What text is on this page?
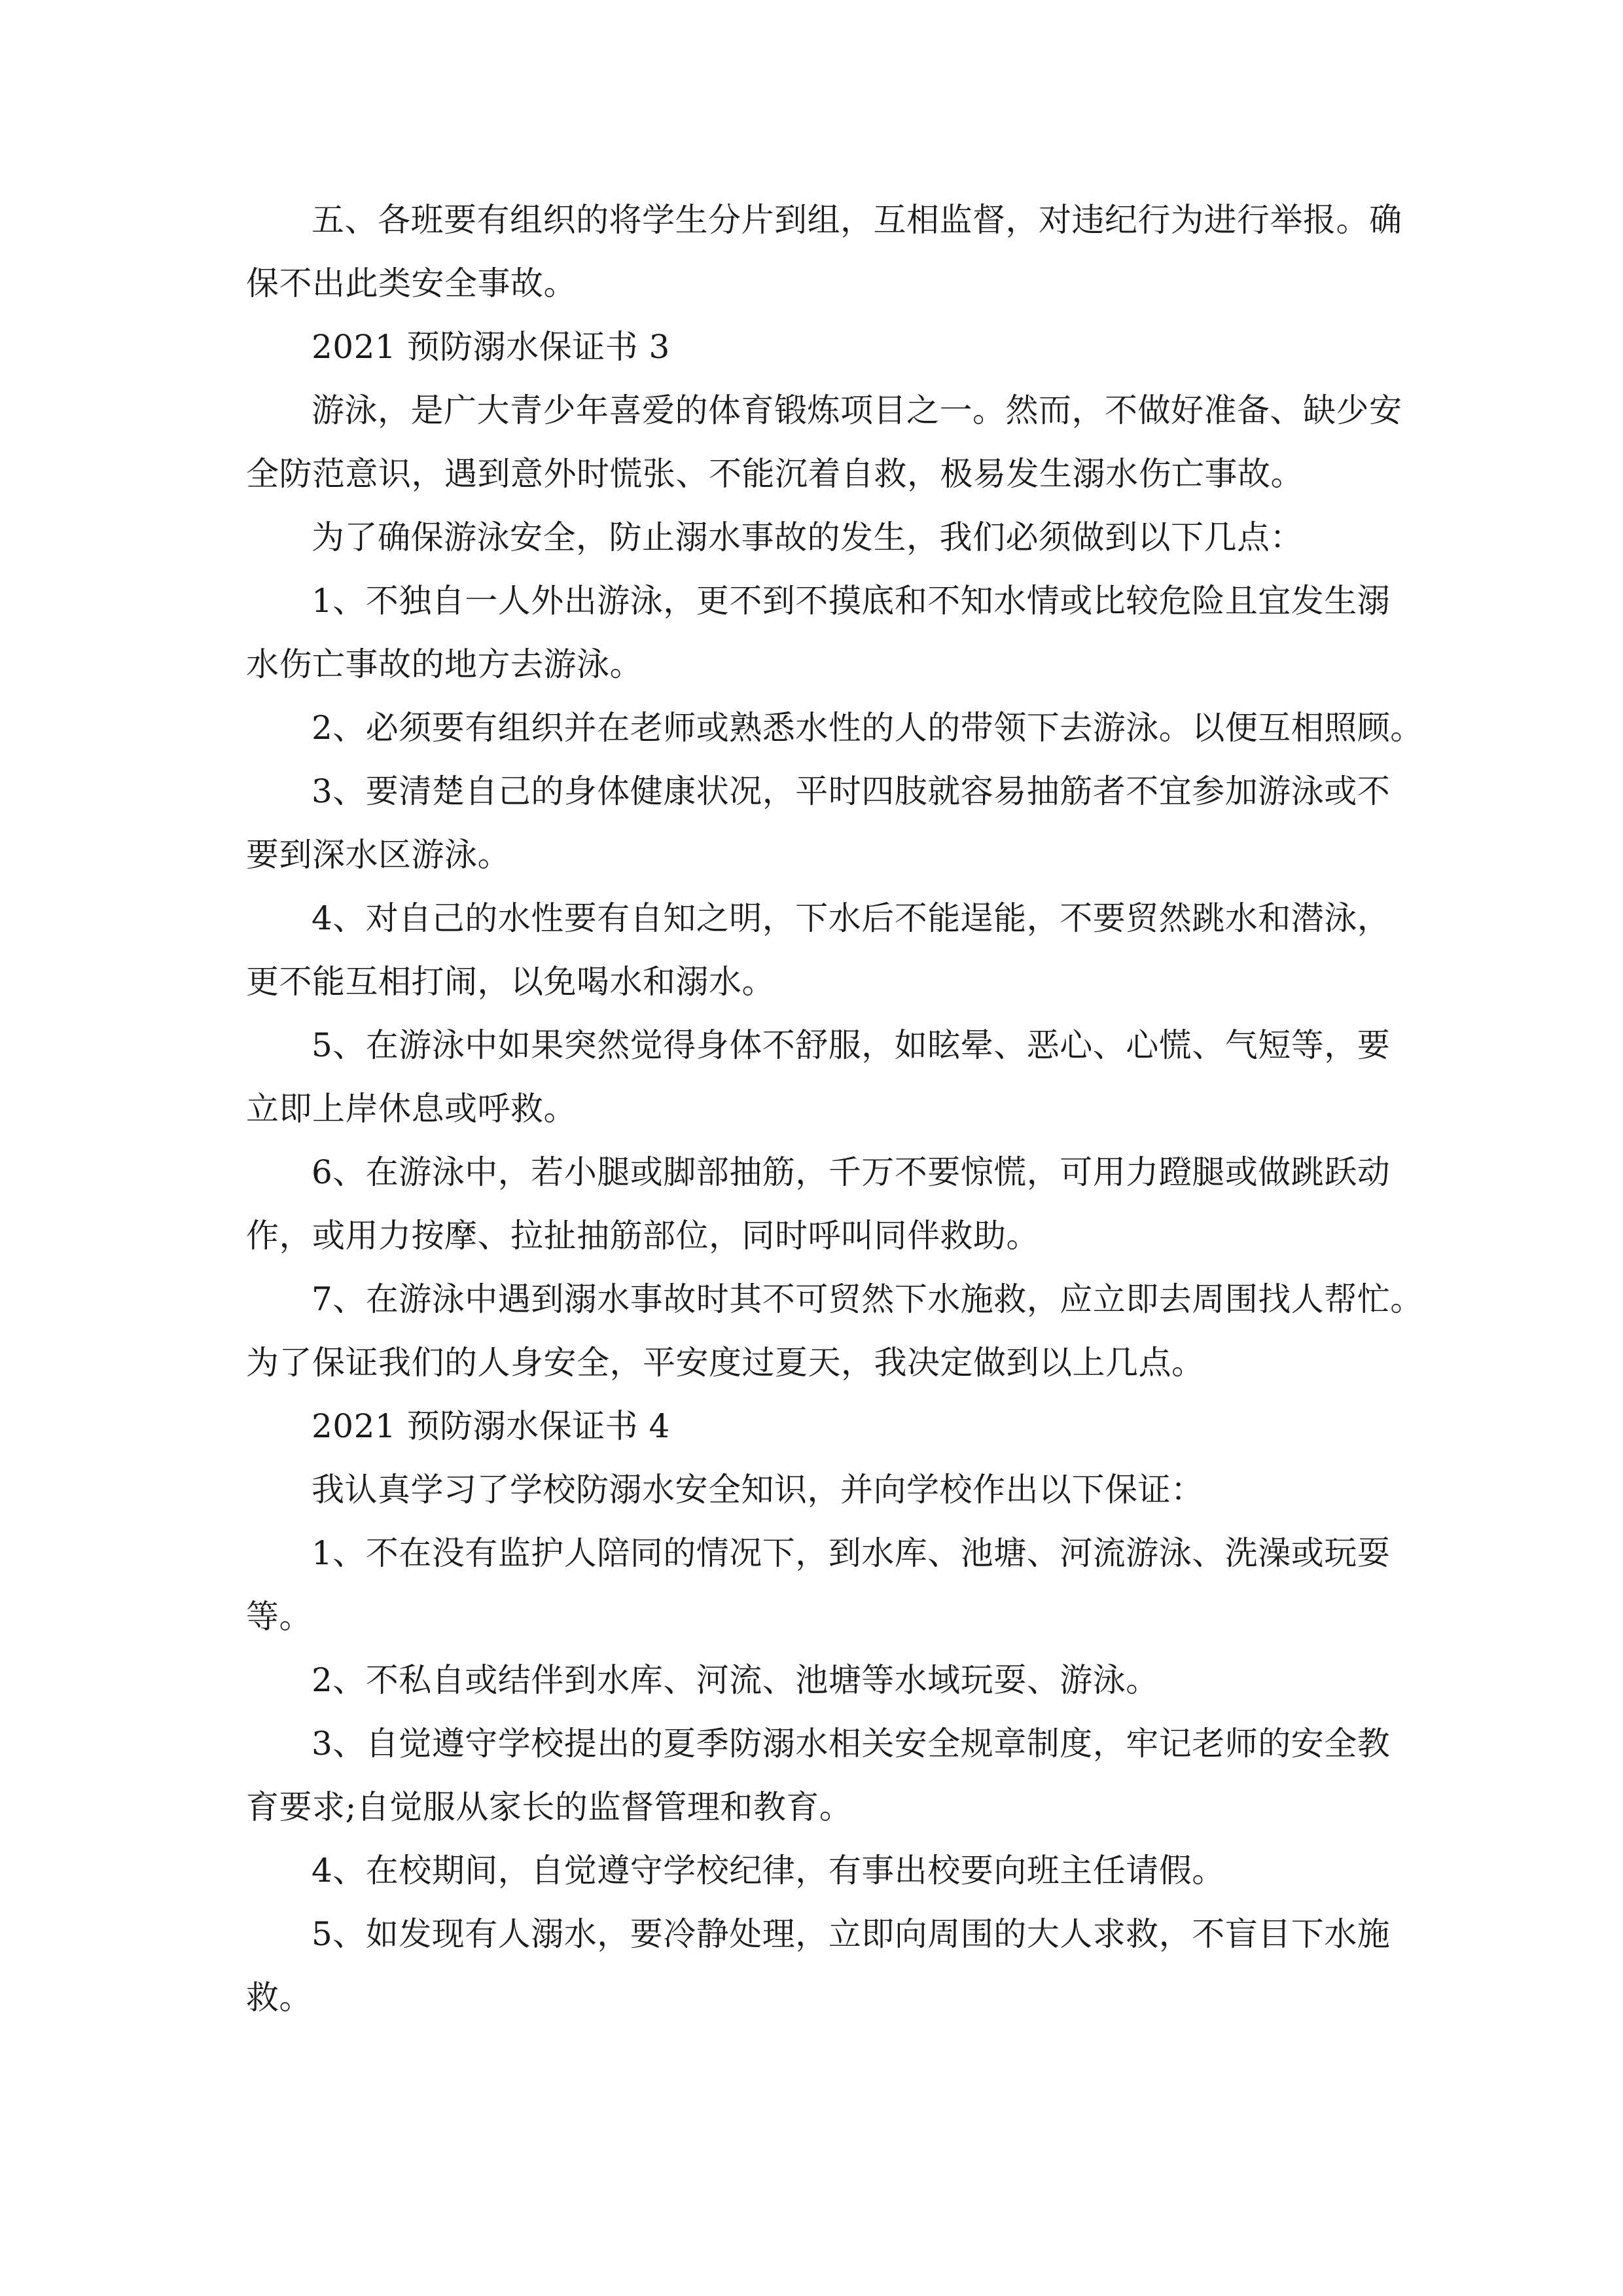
五、各班要有组织的将学生分片到组，互相监督，对违纪行为进行举报。确
保不出此类安全事故。
2021 预防溺水保证书 3
游泳，是广大青少年喜爱的体育锻炼项目之一。然而，不做好准备、缺少安
全防范意识，遇到意外时慌张、不能沉着自救，极易发生溺水伤亡事故。
为了确保游泳安全，防止溺水事故的发生，我们必须做到以下几点：
1、不独自一人外出游泳，更不到不摸底和不知水情或比较危险且宜发生溺
水伤亡事故的地方去游泳。
2、必须要有组织并在老师或熟悉水性的人的带领下去游泳。以便互相照顾。
3、要清楚自己的身体健康状况，平时四肢就容易抽筋者不宜参加游泳或不
要到深水区游泳。
4、对自己的水性要有自知之明，下水后不能逞能，不要贸然跳水和潜泳，
更不能互相打闹，以免喝水和溺水。
5、在游泳中如果突然觉得身体不舒服，如眩晕、恶心、心慌、气短等，要
立即上岸休息或呼救。
6、在游泳中，若小腿或脚部抽筋，千万不要惊慌，可用力蹬腿或做跳跃动
作，或用力按摩、拉扯抽筋部位，同时呼叫同伴救助。
7、在游泳中遇到溺水事故时其不可贸然下水施救，应立即去周围找人帮忙。
为了保证我们的人身安全，平安度过夏天，我决定做到以上几点。
2021 预防溺水保证书 4
我认真学习了学校防溺水安全知识，并向学校作出以下保证：
1、不在没有监护人陪同的情况下，到水库、池塘、河流游泳、洗澡或玩耍
等。
2、不私自或结伴到水库、河流、池塘等水域玩耍、游泳。
3、自觉遵守学校提出的夏季防溺水相关安全规章制度，牢记老师的安全教
育要求;自觉服从家长的监督管理和教育。
4、在校期间，自觉遵守学校纪律，有事出校要向班主任请假。
5、如发现有人溺水，要冷静处理，立即向周围的大人求救，不盲目下水施
救。
